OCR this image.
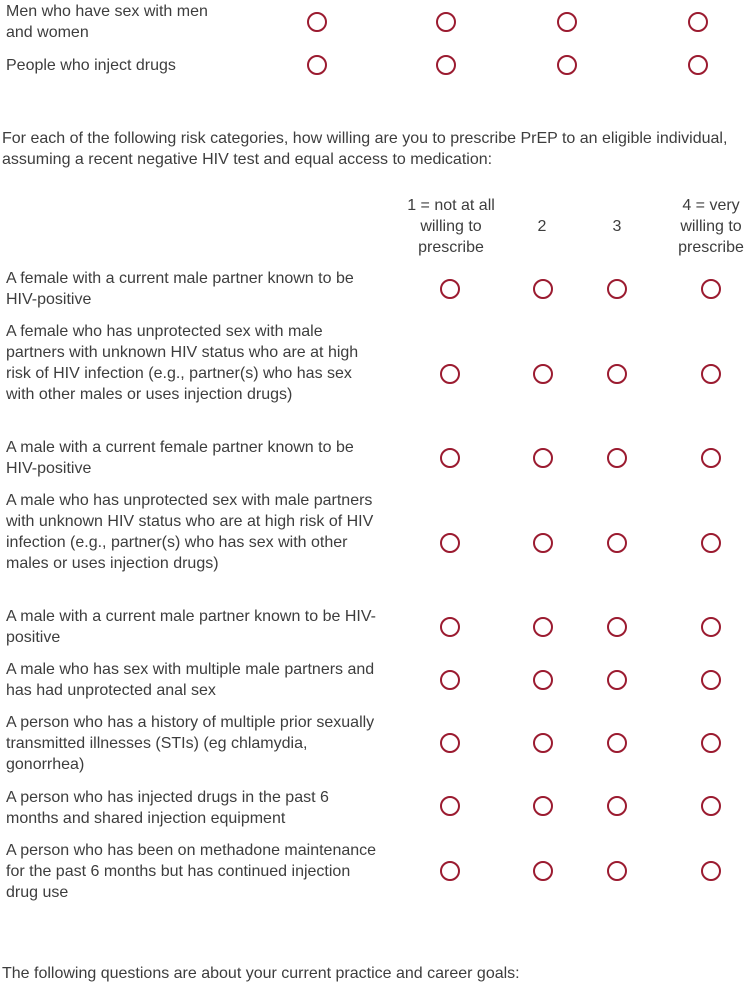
Men who have sex with men and women
People who inject drugs
For each of the following risk categories, how willing are you to prescribe PrEP to an eligible individual, assuming a recent negative HIV test and equal access to medication:
1 = not at all willing to prescribe
2	3
4 = very willing to prescribe
A female with a current male partner known to be HIV-positive
A female who has unprotected sex with male partners with unknown HIV status who are at high risk of HIV infection (e.g., partner(s) who has sex with other males or uses injection drugs)
A male with a current female partner known to be HIV-positive
A male who has unprotected sex with male partners with unknown HIV status who are at high risk of HIV infection (e.g., partner(s) who has sex with other males or uses injection drugs)
A male with a current male partner known to be HIV-positive
A male who has sex with multiple male partners and has had unprotected anal sex
A person who has a history of multiple prior sexually transmitted illnesses (STIs) (eg chlamydia, gonorrhea)
A person who has injected drugs in the past 6 months and shared injection equipment
A person who has been on methadone maintenance for the past 6 months but has continued injection drug use
The following questions are about your current practice and career goals:
